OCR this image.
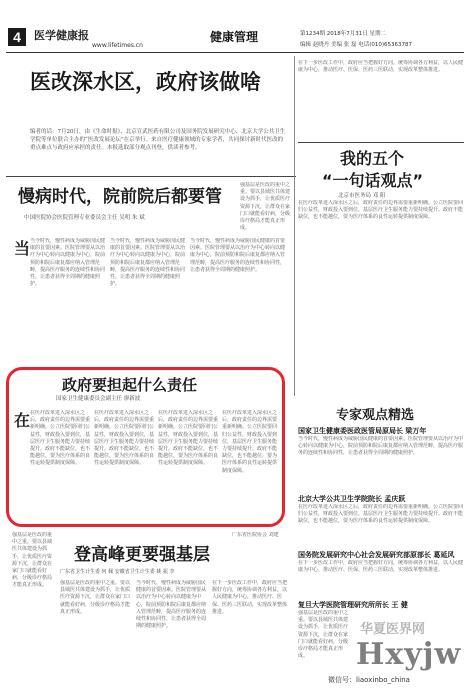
4	医学健康报
www.lifetimes.cn
健康管理	第1234期 2018年7月31日 星期二
编辑 赵晓丹 美编 张 磊 电话(010)65363787
医改深水区，政府该做啥
编者的话：7月20日，由《生命时报》、北京宣武医药有限公司及国务院发展研究中心、北京大学公共卫生学院等单位联合主办的“医改发展论坛”在京举行。来自医疗健康领域的专家学者，共同探讨新时代医改的重点难点与政府应承担的责任。本报选取部分观点刊登，供读者参考。
在下一步医改工作中，政府应当把握好方向，统筹协调各方利益，以人民健康为中心，推动医疗、医保、医药三医联动，实现改革整体推进。
我的五个
“一句话观点”
北京市医务局 邓 阳
在医疗改革进入深水区之后，政府责任的边界需要重新明确。公立医院要回归公益性，财政投入要到位，基层医疗卫生服务能力要持续提升。政府不能缺位，也不能越位，要为医疗体系的良性运转提供制度保障。
慢病时代，院前院后都要管
中国医院协会医院管理专业委员会主任 吴明 朱 斌
当 当今时代，慢性病成为威胁国民健康的首要因素。医院管理要从以治疗为中心转向以健康为中心，院前预防和院后康复都应纳入管理范畴，提高医疗服务的连续性和协同性，让患者获得全周期的健康照护。
当今时代，慢性病成为威胁国民健康的首要因素。医院管理要从以治疗为中心转向以健康为中心，院前预防和院后康复都应纳入管理范畴，提高医疗服务的连续性和协同性，让患者获得全周期的健康照护。
当今时代，慢性病成为威胁国民健康的首要因素。医院管理要从以治疗为中心转向以健康为中心，院前预防和院后康复都应纳入管理范畴，提高医疗服务的连续性和协同性，让患者获得全周期的健康照护。
强基层是医改的重中之重。要以县域医共体建设为抓手，让优质医疗资源下沉，让群众在家门口就能看好病，分级诊疗格局才能真正形成。
政府要担起什么责任
国家卫生健康委员会副主任 廖新波
在 在医疗改革进入深水区之后，政府责任的边界需要重新明确。公立医院要回归公益性，财政投入要到位，基层医疗卫生服务能力要持续提升。政府不能缺位，也不能越位，要为医疗体系的良性运转提供制度保障。
在医疗改革进入深水区之后，政府责任的边界需要重新明确。公立医院要回归公益性，财政投入要到位，基层医疗卫生服务能力要持续提升。政府不能缺位，也不能越位，要为医疗体系的良性运转提供制度保障。
在医疗改革进入深水区之后，政府责任的边界需要重新明确。公立医院要回归公益性，财政投入要到位，基层医疗卫生服务能力要持续提升。政府不能缺位，也不能越位，要为医疗体系的良性运转提供制度保障。
在医疗改革进入深水区之后，政府责任的边界需要重新明确。公立医院要回归公益性，财政投入要到位，基层医疗卫生服务能力要持续提升。政府不能缺位，也不能越位，要为医疗体系的良性运转提供制度保障。
强基层是医改的重中之重。要以县域医共体建设为抓手，让优质医疗资源下沉，让群众在家门口就能看好病，分级诊疗格局才能真正形成。
登高峰更要强基层
广东省卫生计生委 何 佩 安徽省卫生计生委 姚 振 李
强基层是医改的重中之重。要以县域医共体建设为抓手，让优质医疗资源下沉，让群众在家门口就能看好病，分级诊疗格局才能真正形成。
当今时代，慢性病成为威胁国民健康的首要因素。医院管理要从以治疗为中心转向以健康为中心，院前预防和院后康复都应纳入管理范畴，提高医疗服务的连续性和协同性，让患者获得全周期的健康照护。
在下一步医改工作中，政府应当把握好方向，统筹协调各方利益，以人民健康为中心，推动医疗、医保、医药三医联动，实现改革整体推进。
广东省医院协会 刘建
专家观点精选
国家卫生健康委医政医管局原局长 梁万年
当今时代，慢性病成为威胁国民健康的首要因素。医院管理要从以治疗为中心转向以健康为中心，院前预防和院后康复都应纳入管理范畴，提高医疗服务的连续性和协同性，让患者获得全周期的健康照护。
北京大学公共卫生学院院长 孟庆跃
在医疗改革进入深水区之后，政府责任的边界需要重新明确。公立医院要回归公益性，财政投入要到位，基层医疗卫生服务能力要持续提升。政府不能缺位，也不能越位，要为医疗体系的良性运转提供制度保障。
国务院发展研究中心社会发展研究部原部长 葛延风
在下一步医改工作中，政府应当把握好方向，统筹协调各方利益，以人民健康为中心，推动医疗、医保、医药三医联动，实现改革整体推进。
复旦大学医院管理研究所所长 王 健
强基层是医改的重中之重。要以县域医共体建设为抓手，让优质医疗资源下沉，让群众在家门口就能看好病，分级诊疗格局才能真正形成。
华夏医界网
Hxyjw
微信号：liaoxinbo_china
